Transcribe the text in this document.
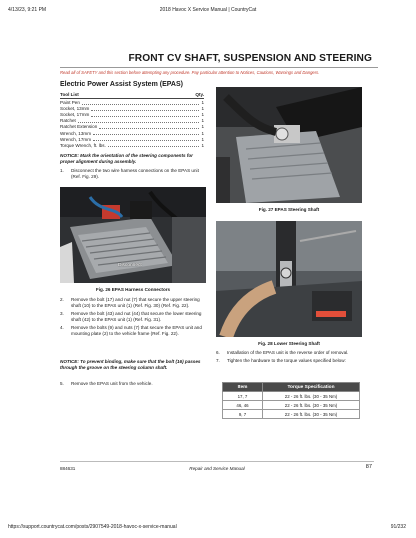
4/13/23, 9:21 PM	2018 Havoc X Service Manual | CountryCat
FRONT CV SHAFT, SUSPENSION AND STEERING
Read all of SAFETY and this section before attempting any procedure. Pay particular attention to Notices, Cautions, Warnings and Dangers.
Electric Power Assist System (EPAS)
Tool List	Qty.
Paint Pen	1
Socket, 13mm	1
Socket, 17mm	1
Ratchet	1
Ratchet Extension	1
Wrench, 13mm	1
Wrench, 17mm	1
Torque Wrench, ft. lbs.	1
NOTICE: Mark the orientation of the steering components for proper alignment during assembly.
1.	Disconnect the two wire harness connections on the EPAS unit (Ref. Fig. 29).
Disconnect
Fig. 26 EPAS Harness Connectors
2.	Remove the bolt (17) and nut (7) that secure the upper steering shaft (10) to the EPAS unit (1) (Ref. Fig. 30) (Ref. Fig. 22).
3.	Remove the bolt (43) and nut (44) that secure the lower steering shaft (42) to the EPAS unit (1) (Ref. Fig. 31).
4.	Remove the bolts (9) and nuts (7) that secure the EPAS unit and mounting plate (2) to the vehicle frame (Ref. Fig. 22).
NOTICE: To prevent binding, make sure that the bolt (16) passes through the groove on the steering column shaft.
5.	Remove the EPAS unit from the vehicle.
Fig. 27 EPAS Steering Shaft
Fig. 28 Lower Steering Shaft
6.	Installation of the EPAS unit is the reverse order of removal.
7.	Tighten the hardware to the torque values specified below:
Item	Torque Specification
17, 7	22 - 26 ft. lbs. (30 - 35 Nm)
46, 46	22 - 26 ft. lbs. (30 - 35 Nm)
9, 7	22 - 26 ft. lbs. (30 - 35 Nm)
884631	Repair and Service Manual	87
https://support.countrycat.com/posts/2907549-2018-havoc-x-service-manual	91/232
